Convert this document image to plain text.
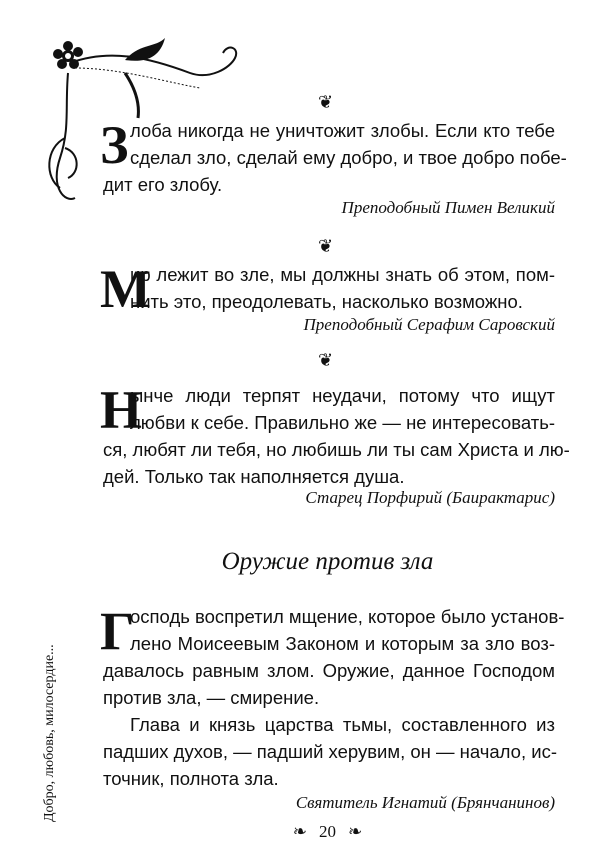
❦
З лоба никогда не уничтожит злобы. Если кто тебе
сделал зло, сделай ему добро, и твое добро побе-
дит его злобу.
Преподобный Пимен Великий
❦
М
ир лежит во зле, мы должны знать об этом, пом-
нить это, преодолевать, насколько возможно.
Преподобный Серафим Саровский
❦
Н
ынче люди терпят неудачи, потому что ищут
любви к себе. Правильно же — не интересовать-
ся, любят ли тебя, но любишь ли ты сам Христа и лю-
дей. Только так наполняется душа.
Старец Порфирий (Баирактарис)
Оружие против зла
Г
осподь воспретил мщение, которое было установ-
лено Моисеевым Законом и которым за зло воз-
давалось равным злом. Оружие, данное Господом
против зла, — смирение.
Глава и князь царства тьмы, составленного из
падших духов, — падший херувим, он — начало, ис-
точник, полнота зла.
Святитель Игнатий (Брянчанинов)
Добро, любовь, милосердие...
❧ 20 ❧
